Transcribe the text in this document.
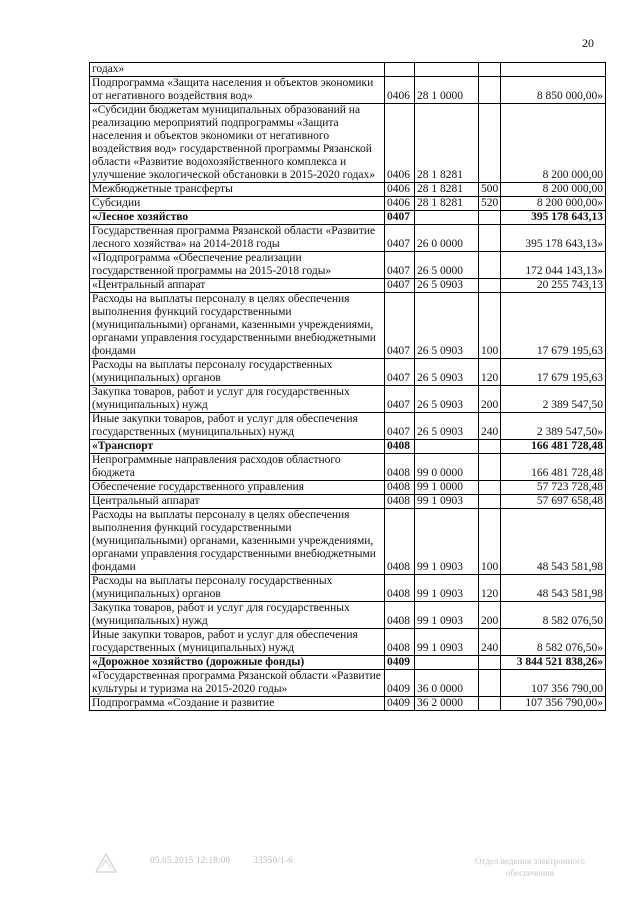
20
годах»				
Подпрограмма «Защита населения и объектов экономики от негативного воздействия вод»	0406	28 1 0000		8 850 000,00»
«Субсидии бюджетам муниципальных образований на реализацию мероприятий подпрограммы «Защита населения и объектов экономики от негативного воздействия вод» государственной программы Рязанской области «Развитие водохозяйственного комплекса и улучшение экологической обстановки в 2015-2020 годах»	0406	28 1 8281		8 200 000,00
Межбюджетные трансферты	0406	28 1 8281	500	8 200 000,00
Субсидии	0406	28 1 8281	520	8 200 000,00»
«Лесное хозяйство	0407			395 178 643,13
Государственная программа Рязанской области «Развитие лесного хозяйства» на 2014-2018 годы	0407	26 0 0000		395 178 643,13»
«Подпрограмма «Обеспечение реализации государственной программы на 2015-2018 годы»	0407	26 5 0000		172 044 143,13»
«Центральный аппарат	0407	26 5 0903		20 255 743,13
Расходы на выплаты персоналу в целях обеспечения выполнения функций государственными (муниципальными) органами, казенными учреждениями, органами управления государственными внебюджетными фондами	0407	26 5 0903	100	17 679 195,63
Расходы на выплаты персоналу государственных (муниципальных) органов	0407	26 5 0903	120	17 679 195,63
Закупка товаров, работ и услуг для государственных (муниципальных) нужд	0407	26 5 0903	200	2 389 547,50
Иные закупки товаров, работ и услуг для обеспечения государственных (муниципальных) нужд	0407	26 5 0903	240	2 389 547,50»
«Транспорт	0408			166 481 728,48
Непрограммные направления расходов областного бюджета	0408	99 0 0000		166 481 728,48
Обеспечение государственного управления	0408	99 1 0000		57 723 728,48
Центральный аппарат	0408	99 1 0903		57 697 658,48
Расходы на выплаты персоналу в целях обеспечения выполнения функций государственными (муниципальными) органами, казенными учреждениями, органами управления государственными внебюджетными фондами	0408	99 1 0903	100	48 543 581,98
Расходы на выплаты персоналу государственных (муниципальных) органов	0408	99 1 0903	120	48 543 581,98
Закупка товаров, работ и услуг для государственных (муниципальных) нужд	0408	99 1 0903	200	8 582 076,50
Иные закупки товаров, работ и услуг для обеспечения государственных (муниципальных) нужд	0408	99 1 0903	240	8 582 076,50»
«Дорожное хозяйство (дорожные фонды)	0409			3 844 521 838,26»
«Государственная программа Рязанской области «Развитие культуры и туризма на 2015-2020 годы»	0409	36 0 0000		107 356 790,00
Подпрограмма «Создание и развитие	0409	36 2 0000		107 356 790,00»
05.05.2015 12:18:08	33550/1-6	Отдел ведения электронного обеспечения
